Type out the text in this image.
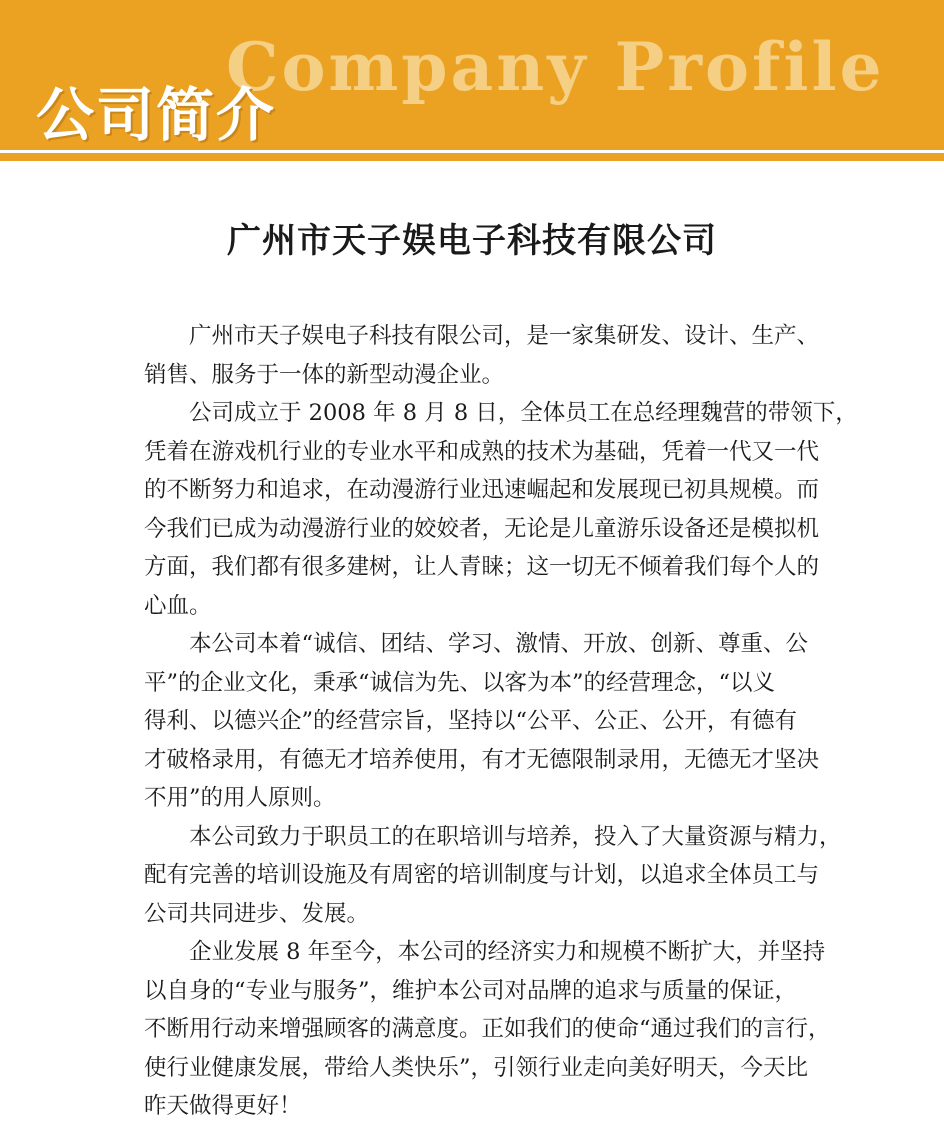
Company Profile
公司简介
广州市天子娱电子科技有限公司
广州市天子娱电子科技有限公司，是一家集研发、设计、生产、
销售、服务于一体的新型动漫企业。
公司成立于 2008 年 8 月 8 日，全体员工在总经理魏营的带领下，
凭着在游戏机行业的专业水平和成熟的技术为基础，凭着一代又一代
的不断努力和追求，在动漫游行业迅速崛起和发展现已初具规模。而
今我们已成为动漫游行业的姣姣者，无论是儿童游乐设备还是模拟机
方面，我们都有很多建树，让人青睐；这一切无不倾着我们每个人的
心血。
本公司本着“诚信、团结、学习、激情、开放、创新、尊重、公
平”的企业文化，秉承“诚信为先、以客为本”的经营理念，“以义
得利、以德兴企”的经营宗旨，坚持以“公平、公正、公开，有德有
才破格录用，有德无才培养使用，有才无德限制录用，无德无才坚决
不用”的用人原则。
本公司致力于职员工的在职培训与培养，投入了大量资源与精力，
配有完善的培训设施及有周密的培训制度与计划，以追求全体员工与
公司共同进步、发展。
企业发展 8 年至今，本公司的经济实力和规模不断扩大，并坚持
以自身的“专业与服务”，维护本公司对品牌的追求与质量的保证，
不断用行动来增强顾客的满意度。正如我们的使命“通过我们的言行，
使行业健康发展，带给人类快乐”，引领行业走向美好明天，今天比
昨天做得更好！
